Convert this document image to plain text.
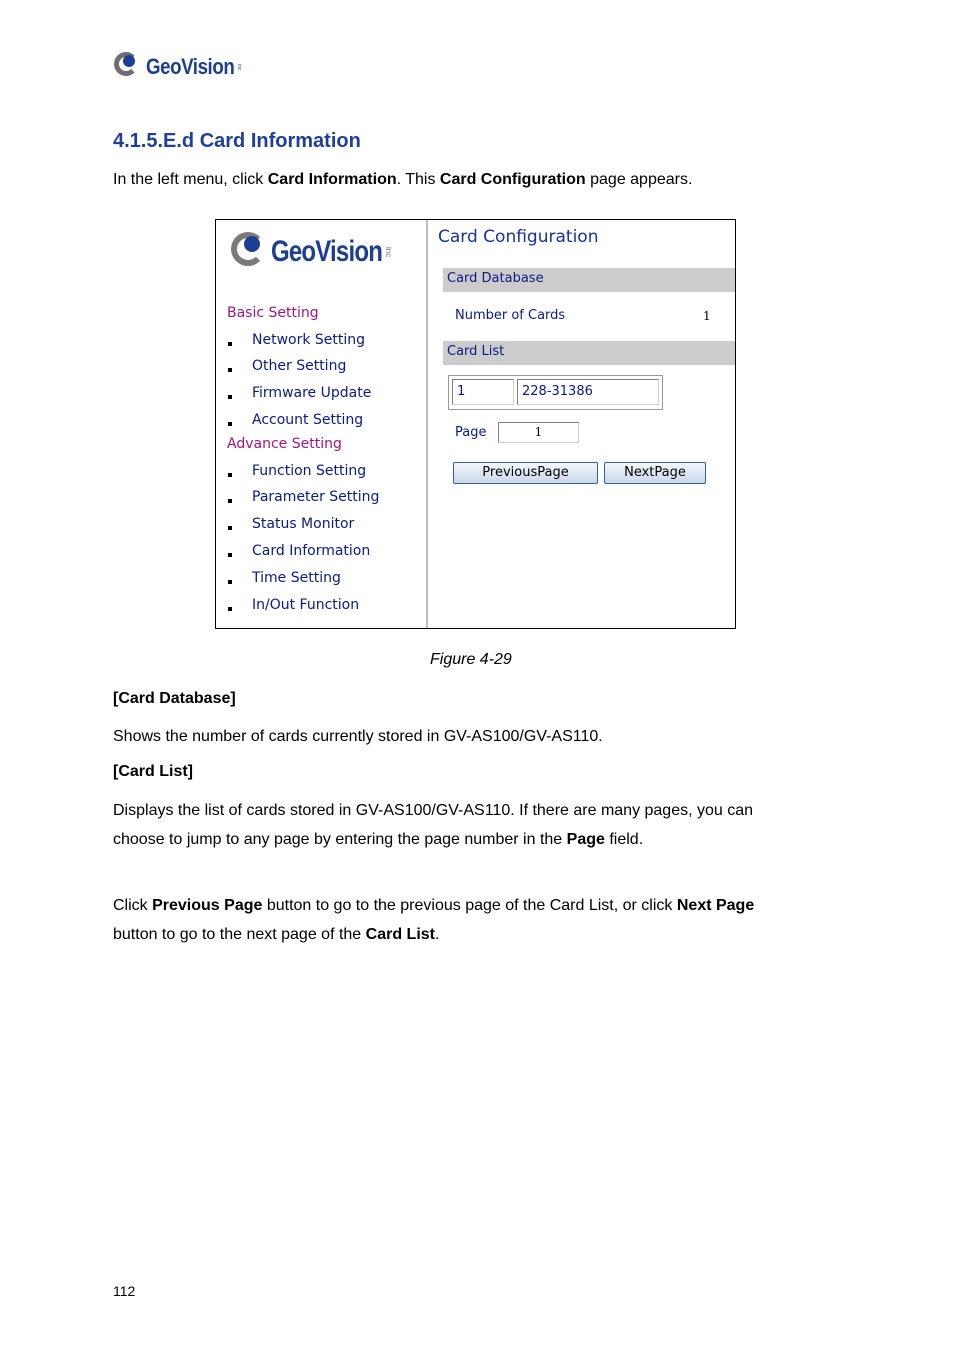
GeoVision inc
4.1.5.E.d Card Information
In the left menu, click Card Information. This Card Configuration page appears.
GeoVision inc
Basic Setting
Network Setting
Other Setting
Firmware Update
Account Setting
Advance Setting
Function Setting
Parameter Setting
Status Monitor
Card Information
Time Setting
In/Out Function
Card Configuration
Card Database
Number of Cards	1
Card List
1	228-31386
Page	1
PreviousPage	NextPage
Figure 4-29
[Card Database]
Shows the number of cards currently stored in GV-AS100/GV-AS110.
[Card List]
Displays the list of cards stored in GV-AS100/GV-AS110. If there are many pages, you can
choose to jump to any page by entering the page number in the Page field.
Click Previous Page button to go to the previous page of the Card List, or click Next Page
button to go to the next page of the Card List.
112
